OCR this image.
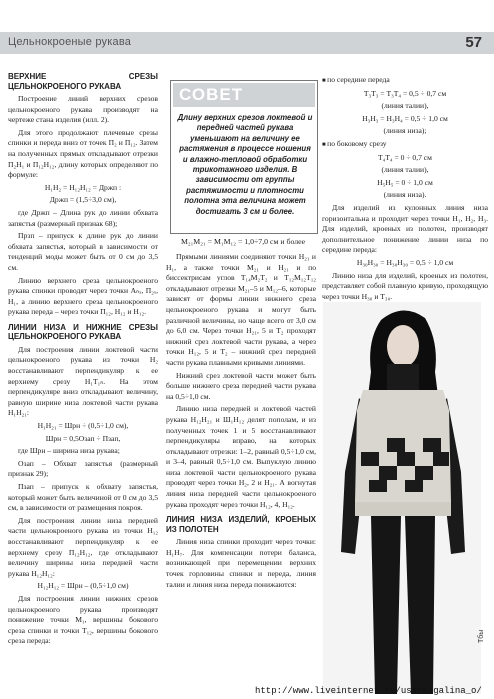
Цельнокроеные рукава	57
ВЕРХНИЕ СРЕЗЫ ЦЕЛЬНОКРОЕНОГО РУКАВА

Построение линий верхних срезов цельнокроеного рукава производят на чертеже стана изделия (илл. 2).

Для этого продолжают плечевые срезы спинки и переда вниз от точек П₂ и П₁₂. Затем на полученных прямых откладывают отрезки П₂Н₁ и П₁₂Н₁₂, длину которых определяют по формуле:

Н₁Н₂ = Н₁₂Н₁₂ = Држп :

Држп = (1,5÷3,0 см),

где Држп – Длина рук до линии обхвата запястья (размерный признак 68);

Прзп – припуск к длине рук до линии обхвата запястья, который в зависимости от тенденций моды может быть от 0 см до 3,5 см.

Линию верхнего среза цельнокроеного рукава спинки проводят через точки Aₙₓ, П₂ₓ, Н₁, а линию верхнего среза цельнокроеного рукава переда – через точки П₁₂, Н₁₂ и Н₁₂.

ЛИНИИ НИЗА И НИЖНИЕ СРЕЗЫ ЦЕЛЬНОКРОЕНОГО РУКАВА

Для построения линии локтевой части цельнокроеного рукава из точки Н₂ восстанавливают перпендикуляр к ее верхнему срезу Н₁Т₁ₙ. На этом перпендикуляре вниз откладывают величину, равную ширине низа локтевой части рукава Н₁Н₂₁:

Н₁Н₂₁ = Шрн ÷ (0,5÷1,0 см),

Шрн = 0,5Озап ÷ Пзап,

где Шрн – ширина низа рукава;

Озап – Обхват запястья (размерный признак 29);

Пзап – припуск к обхвату запястья, который может быть величиной от 0 см до 3,5 см, в зависимости от размещения покроя.

Для построения линии низа передней части цельнокроеного рукава из точки Н₁₂ восстанавливают перпендикуляр к ее верхнему срезу П₁₂Н₁₂, где откладывают величину ширины низа передней части рукава Н₁₂Н₁₂:

Н₁₂Н₁₂ = Шрн – (0,5÷1,0 см)

Для построения линии нижних срезов цельнокроеного рукава производят понижение точки М₁, вершины бокового среза спинки и точки Т₁₂, вершины бокового среза переда:

СОВЕТ
Длину верхних срезов локтевой и передней частей рукава уменьшают на величину ее растяжения в процессе ношения и влажно-тепловой обработки трикотажного изделия. В зависимости от группы растяжимости и плотности полотна эта величина может достигать 3 см и более.
М₂₁М₂₁ = М₁М₁₂ = 1,0÷7,0 см и более

Прямыми линиями соединяют точки Н₂₁ и Н₁, а также точки М₂₁ и Н₂₁ и по биссектрисам углов Т₁₄М₂Т₂ и Т₁₂М₁₂Т₁₂ откладывают отрезки М₂₁–5 и М₁₂–6, которые зависят от формы линии нижнего среза цельнокроеного рукава и могут быть различной величины, но чаще всего от 3,0 см до 6,0 см. Через точки Н₂₁, 5 и Т₂ проходят нижний срез локтевой части рукава, а через точки Н₁₂, 5 и Т₂ – нижний срез передней части рукава плавными кривыми линиями.

Нижний срез локтевой части может быть больше нижнего среза передней части рукава на 0,5÷1,0 см.

Линию низа передней и локтевой частей рукава Н₁₂Н₂₁ и Ш₁Н₁₂ делят пополам, и из полученных точек 1 и 5 восстанавливают перпендикуляры вправо, на которых откладывают отрезки: 1–2, равный 0,5÷1,0 см, и 3–4, равный 0,5÷1,0 см. Выпуклую линию низа локтевой части цельнокроеного рукава проводят через точки Н₂, 2 и Н₂₁. А вогнутая линия низа передней части цельнокроеного рукава проходят через точки Н₁₂, 4, Н₁₂.

ЛИНИЯ НИЗА ИЗДЕЛИЙ, КРОЕНЫХ ИЗ ПОЛОТЕН

Линия низа спинки проходит через точки: Н₁Н₇. Для компенсации потери баланса, возникающей при перемещении верхних точек горловины спинки и переда, линия талии и линия низа переда понижаются:

■ по середине переда

Т₃Т₃ = Т₃Т₄ = 0,5 ÷ 0,7 см

(линия талии),

Н₃Н₃ = Н₃Н₄ = 0,5 ÷ 1,0 см

(линия низа);

■ по боковому срезу

Т₄Т₄ = 0 ÷ 0,7 см

(линия талии),

Н₅Н₅ = 0 ÷ 1,0 см

(линия низа).

Для изделий из кулонных линия низа горизонтальна и проходит через точки Н₁, Н₂, Н₃. Для изделий, кроеных из полотен, производят дополнительное понижение линии низа по середине переда:

Н₃₀Н₃₀ = Н₃₀Н₃₀ = 0,5 ÷ 1,0 см

Линию низа для изделий, кроеных из полотен, представляет собой плавную кривую, проходящую через точки Н₃₀ и Т₃₀.

Тбы
http://www.liveinternet.ru/users/galina_o/
